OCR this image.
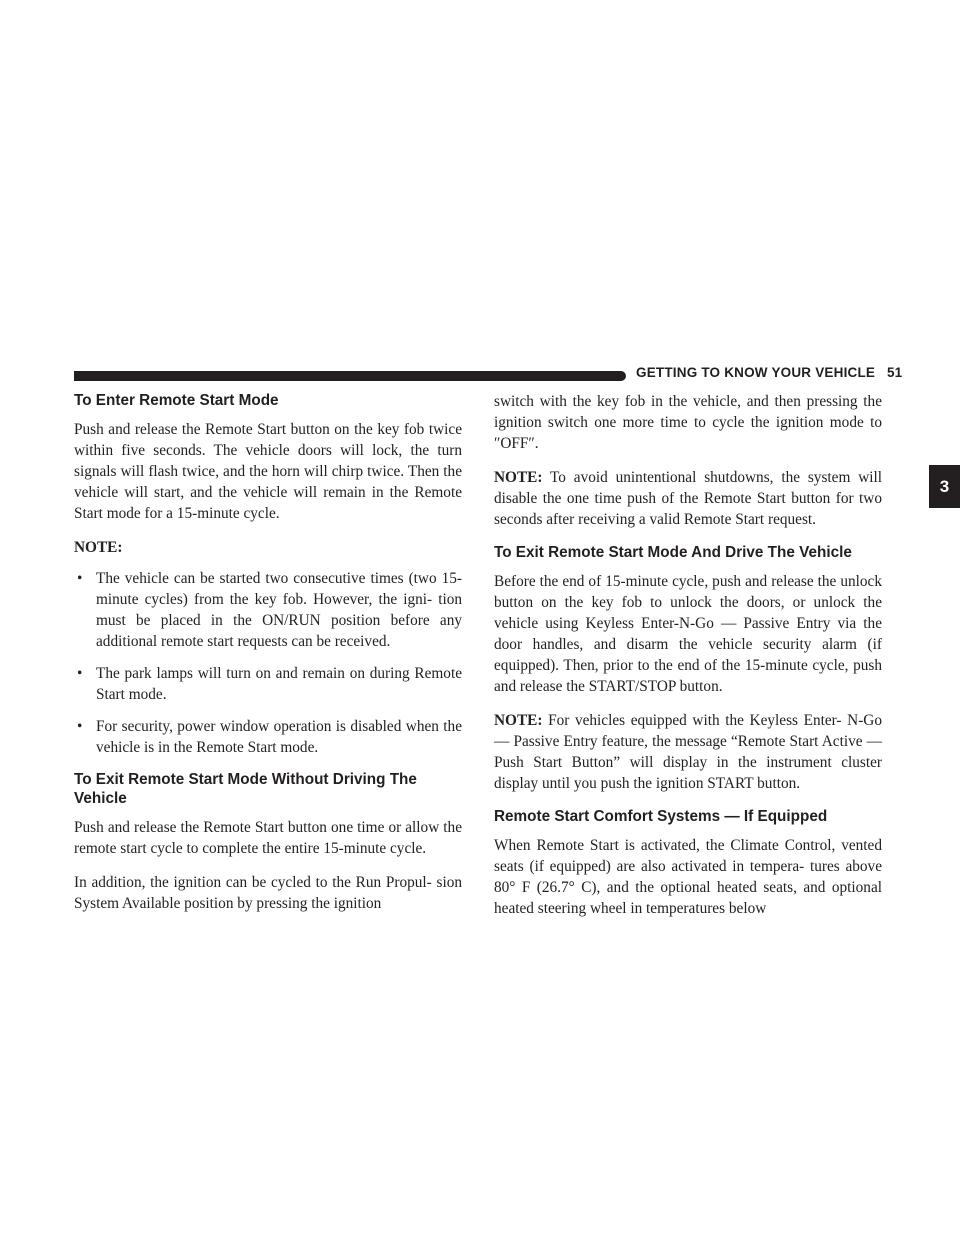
GETTING TO KNOW YOUR VEHICLE   51
3
To Enter Remote Start Mode

Push and release the Remote Start button on the key fob twice within five seconds. The vehicle doors will lock, the turn signals will flash twice, and the horn will chirp twice. Then the vehicle will start, and the vehicle will remain in the Remote Start mode for a 15-minute cycle.

NOTE:

• The vehicle can be started two consecutive times (two 15-minute cycles) from the key fob. However, the igni- tion must be placed in the ON/RUN position before any additional remote start requests can be received.
• The park lamps will turn on and remain on during Remote Start mode.
• For security, power window operation is disabled when the vehicle is in the Remote Start mode.
To Exit Remote Start Mode Without Driving The Vehicle

Push and release the Remote Start button one time or allow the remote start cycle to complete the entire 15-minute cycle.

In addition, the ignition can be cycled to the Run Propul- sion System Available position by pressing the ignition

switch with the key fob in the vehicle, and then pressing the ignition switch one more time to cycle the ignition mode to ″OFF″.

NOTE: To avoid unintentional shutdowns, the system will disable the one time push of the Remote Start button for two seconds after receiving a valid Remote Start request.

To Exit Remote Start Mode And Drive The Vehicle

Before the end of 15-minute cycle, push and release the unlock button on the key fob to unlock the doors, or unlock the vehicle using Keyless Enter-N-Go — Passive Entry via the door handles, and disarm the vehicle security alarm (if equipped). Then, prior to the end of the 15-minute cycle, push and release the START/STOP button.

NOTE: For vehicles equipped with the Keyless Enter- N-Go — Passive Entry feature, the message “Remote Start Active — Push Start Button” will display in the instrument cluster display until you push the ignition START button.

Remote Start Comfort Systems — If Equipped

When Remote Start is activated, the Climate Control, vented seats (if equipped) are also activated in tempera- tures above 80° F (26.7° C), and the optional heated seats, and optional heated steering wheel in temperatures below
